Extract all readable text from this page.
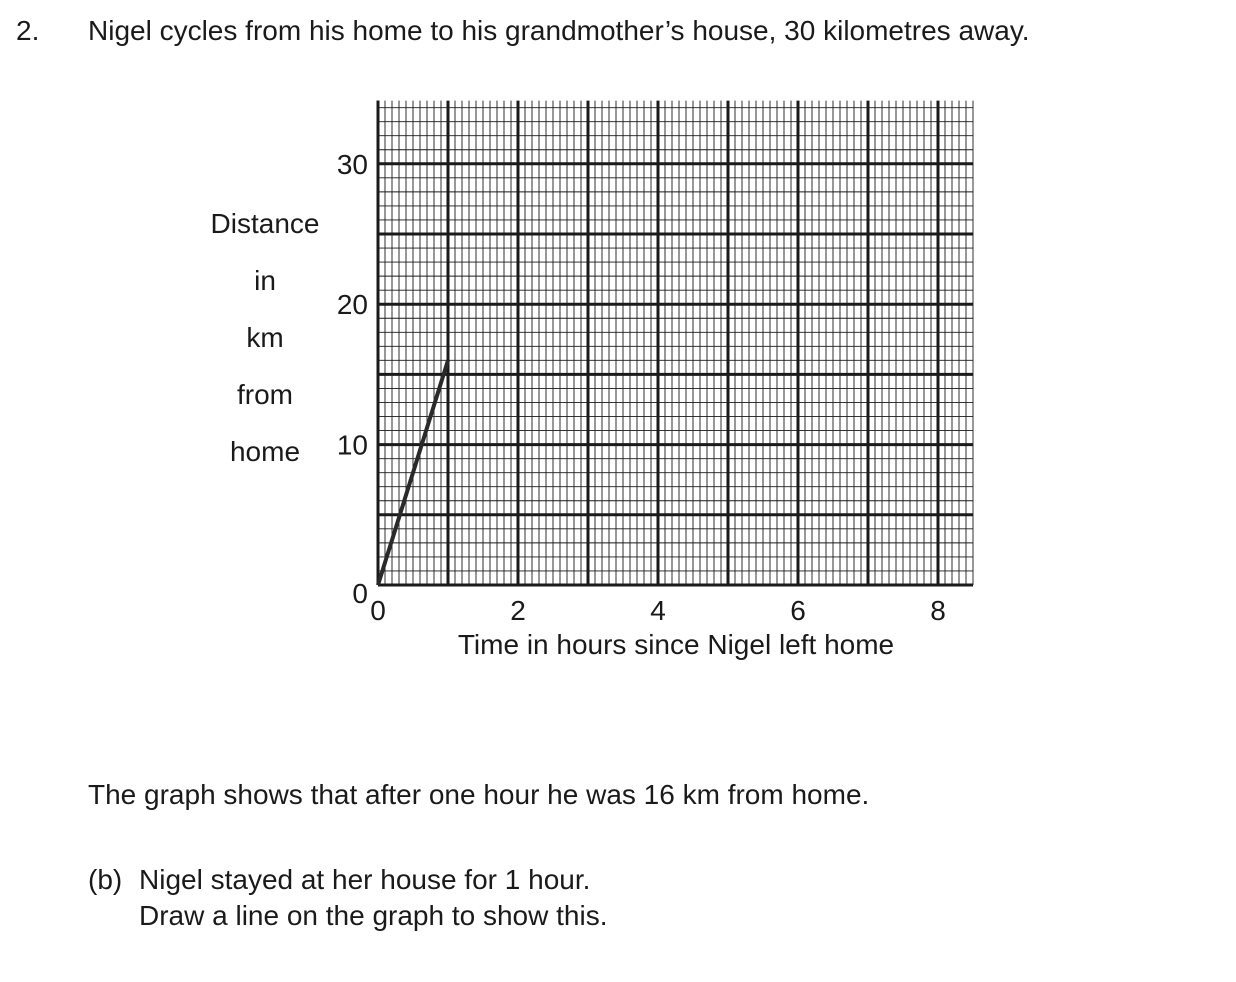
2. Nigel cycles from his home to his grandmother’s house, 30 kilometres away.
Distance
in
km
from
home
Time in hours since Nigel left home
0	2	4	6	8
0
10
20
30
The graph shows that after one hour he was 16 km from home.
(b) Nigel stayed at her house for 1 hour.
Draw a line on the graph to show this.
